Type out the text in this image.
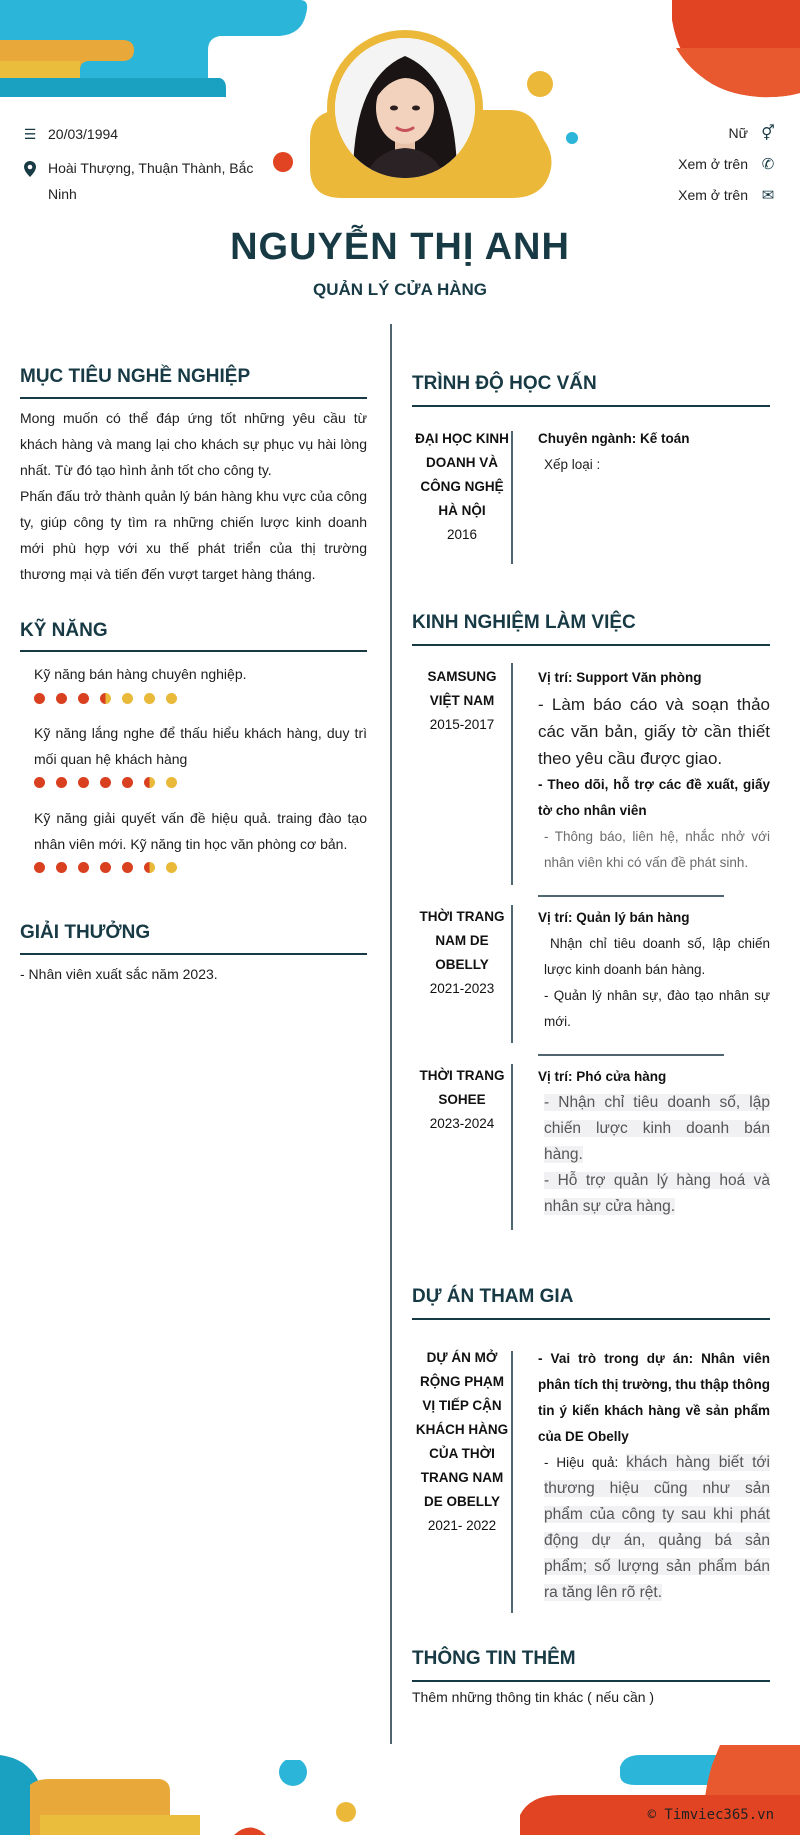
☰ 20/03/1994
Hoài Thượng, Thuận Thành, Bắc Ninh
Nữ ⚥
Xem ở trên ✆
Xem ở trên ✉
NGUYỄN THỊ ANH
QUẢN LÝ CỬA HÀNG
MỤC TIÊU NGHỀ NGHIỆP
Mong muốn có thể đáp ứng tốt những yêu cầu từ khách hàng và mang lại cho khách sự phục vụ hài lòng nhất. Từ đó tạo hình ảnh tốt cho công ty.
Phấn đấu trở thành quản lý bán hàng khu vực của công ty, giúp công ty tìm ra những chiến lược kinh doanh mới phù hợp với xu thế phát triển của thị trường thương mại và tiến đến vượt target hàng tháng.
KỸ NĂNG
Kỹ năng bán hàng chuyên nghiệp.
Kỹ năng lắng nghe để thấu hiểu khách hàng, duy trì mối quan hệ khách hàng
Kỹ năng giải quyết vấn đề hiệu quả. traing đào tạo nhân viên mới. Kỹ năng tin học văn phòng cơ bản.
GIẢI THƯỞNG
- Nhân viên xuất sắc năm 2023.
TRÌNH ĐỘ HỌC VẤN
ĐẠI HỌC KINH DOANH VÀ CÔNG NGHỆ HÀ NỘI
2016
Chuyên ngành: Kế toán
Xếp loại :
KINH NGHIỆM LÀM VIỆC
SAMSUNG VIỆT NAM
2015-2017
Vị trí: Support Văn phòng
- Làm báo cáo và soạn thảo các văn bản, giấy tờ cần thiết theo yêu cầu được giao.
- Theo dõi, hỗ trợ các đề xuất, giấy tờ cho nhân viên
- Thông báo, liên hệ, nhắc nhở với nhân viên khi có vấn đề phát sinh.
THỜI TRANG NAM DE OBELLY
2021-2023
Vị trí: Quản lý bán hàng
Nhận chỉ tiêu doanh số, lập chiến lược kinh doanh bán hàng.
- Quản lý nhân sự, đào tạo nhân sự mới.
THỜI TRANG SOHEE
2023-2024
Vị trí: Phó cửa hàng
- Nhận chỉ tiêu doanh số, lập chiến lược kinh doanh bán hàng.
- Hỗ trợ quản lý hàng hoá và nhân sự cửa hàng.
DỰ ÁN THAM GIA
DỰ ÁN MỞ RỘNG PHẠM VỊ TIẾP CẬN KHÁCH HÀNG CỦA THỜI TRANG NAM DE OBELLY
2021- 2022
- Vai trò trong dự án: Nhân viên phân tích thị trường, thu thập thông tin ý kiến khách hàng về sản phẩm của DE Obelly
- Hiệu quả: khách hàng biết tới thương hiệu cũng như sản phẩm của công ty sau khi phát động dự án, quảng bá sản phẩm; số lượng sản phẩm bán ra tăng lên rõ rệt.
THÔNG TIN THÊM
Thêm những thông tin khác ( nếu cần )
© Timviec365.vn
